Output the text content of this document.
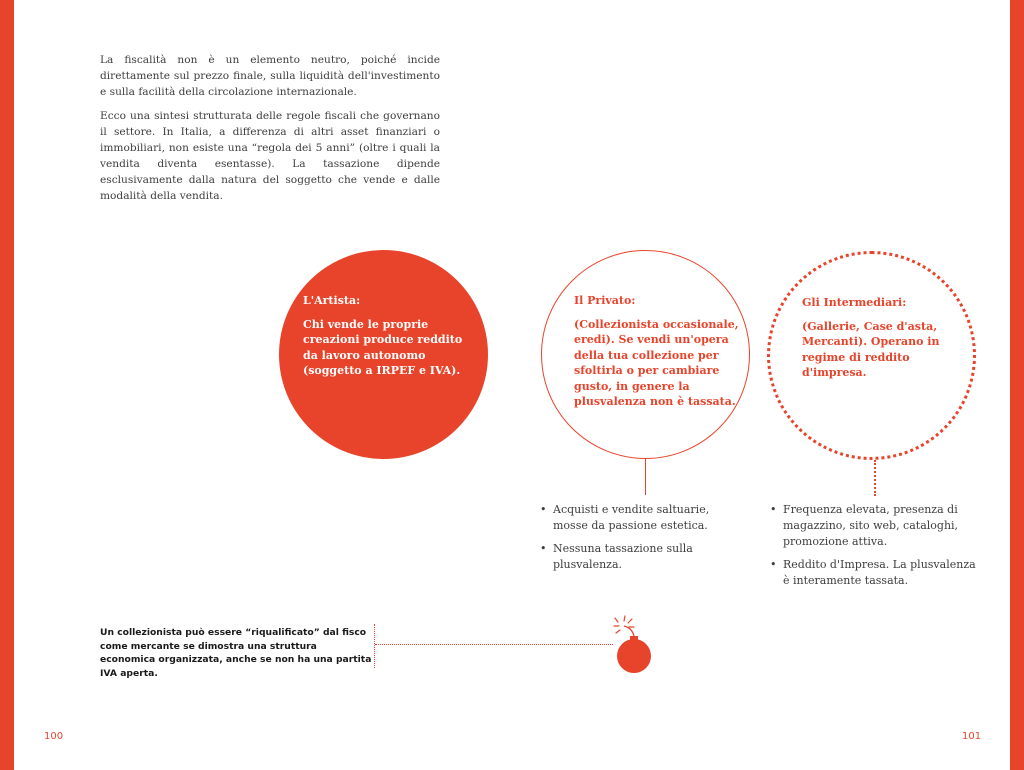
La fiscalità non è un elemento neutro, poiché incide direttamente sul prezzo finale, sulla liquidità dell'investimento e sulla facilità della circolazione internazionale.

Ecco una sintesi strutturata delle regole fiscali che governano il settore. In Italia, a differenza di altri asset finanziari o immobiliari, non esiste una “regola dei 5 anni” (oltre i quali la vendita diventa esentasse). La tassazione dipende esclusivamente dalla natura del soggetto che vende e dalle modalità della vendita.

L'Artista:
Chi vende le proprie creazioni produce reddito da lavoro autonomo (soggetto a IRPEF e IVA).
Il Privato:
(Collezionista occasionale, eredi). Se vendi un'opera della tua collezione per sfoltirla o per cambiare gusto, in genere la plusvalenza non è tassata.
Gli Intermediari:
(Gallerie, Case d'asta, Mercanti). Operano in regime di reddito d'impresa.
• Acquisti e vendite saltuarie, mosse da passione estetica.
• Nessuna tassazione sulla plusvalenza.
• Frequenza elevata, presenza di magazzino, sito web, cataloghi, promozione attiva.
• Reddito d'Impresa. La plusvalenza è interamente tassata.
Un collezionista può essere “riqualificato” dal fisco come mercante se dimostra una struttura economica organizzata, anche se non ha una partita IVA aperta.
100	101
